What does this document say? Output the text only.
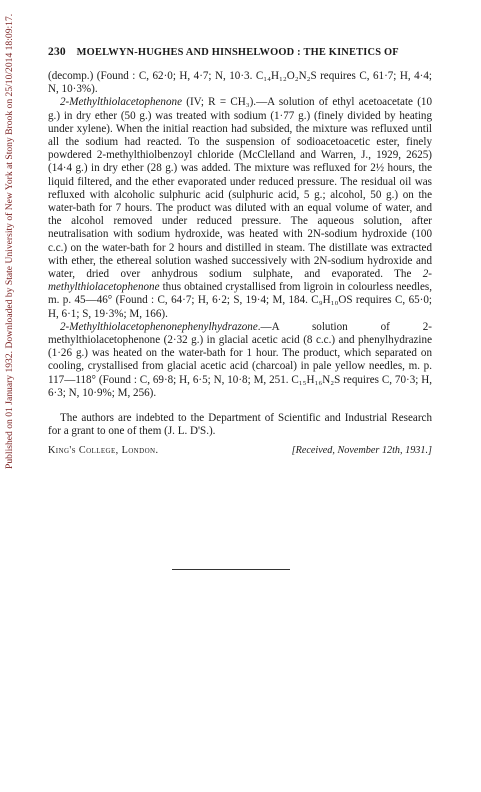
Published on 01 January 1932. Downloaded by State University of New York at Stony Brook on 25/10/2014 18:09:17.	230 MOELWYN-HUGHES AND HINSHELWOOD : THE KINETICS OF

(decomp.) (Found : C, 62·0; H, 4·7; N, 10·3. C₁₄H₁₂O₂N₂S requires C, 61·7; H, 4·4; N, 10·3%).

2-Methylthiolacetophenone (IV; R = CH₃).—A solution of ethyl acetoacetate (10 g.) in dry ether (50 g.) was treated with sodium (1·77 g.) (finely divided by heating under xylene). When the initial reaction had subsided, the mixture was refluxed until all the sodium had reacted. To the suspension of sodioacetoacetic ester, finely powdered 2-methylthiolbenzoyl chloride (McClelland and Warren, J., 1929, 2625) (14·4 g.) in dry ether (28 g.) was added. The mixture was refluxed for 2½ hours, the liquid filtered, and the ether evaporated under reduced pressure. The residual oil was refluxed with alcoholic sulphuric acid (sulphuric acid, 5 g.; alcohol, 50 g.) on the water-bath for 7 hours. The product was diluted with an equal volume of water, and the alcohol removed under reduced pressure. The aqueous solution, after neutralisation with sodium hydroxide, was heated with 2N-sodium hydroxide (100 c.c.) on the water-bath for 2 hours and distilled in steam. The distillate was extracted with ether, the ethereal solution washed successively with 2N-sodium hydroxide and water, dried over anhydrous sodium sulphate, and evaporated. The 2-methylthiolacetophenone thus obtained crystallised from ligroin in colourless needles, m. p. 45—46° (Found : C, 64·7; H, 6·2; S, 19·4; M, 184. C₉H₁₀OS requires C, 65·0; H, 6·1; S, 19·3%; M, 166).

2-Methylthiolacetophenonephenylhydrazone.—A solution of 2-methylthiolacetophenone (2·32 g.) in glacial acetic acid (8 c.c.) and phenylhydrazine (1·26 g.) was heated on the water-bath for 1 hour. The product, which separated on cooling, crystallised from glacial acetic acid (charcoal) in pale yellow needles, m. p. 117—118° (Found : C, 69·8; H, 6·5; N, 10·8; M, 251. C₁₅H₁₆N₂S requires C, 70·3; H, 6·3; N, 10·9%; M, 256).

The authors are indebted to the Department of Scientific and Industrial Research for a grant to one of them (J. L. D'S.).

King's College, London.	[Received, November 12th, 1931.]
